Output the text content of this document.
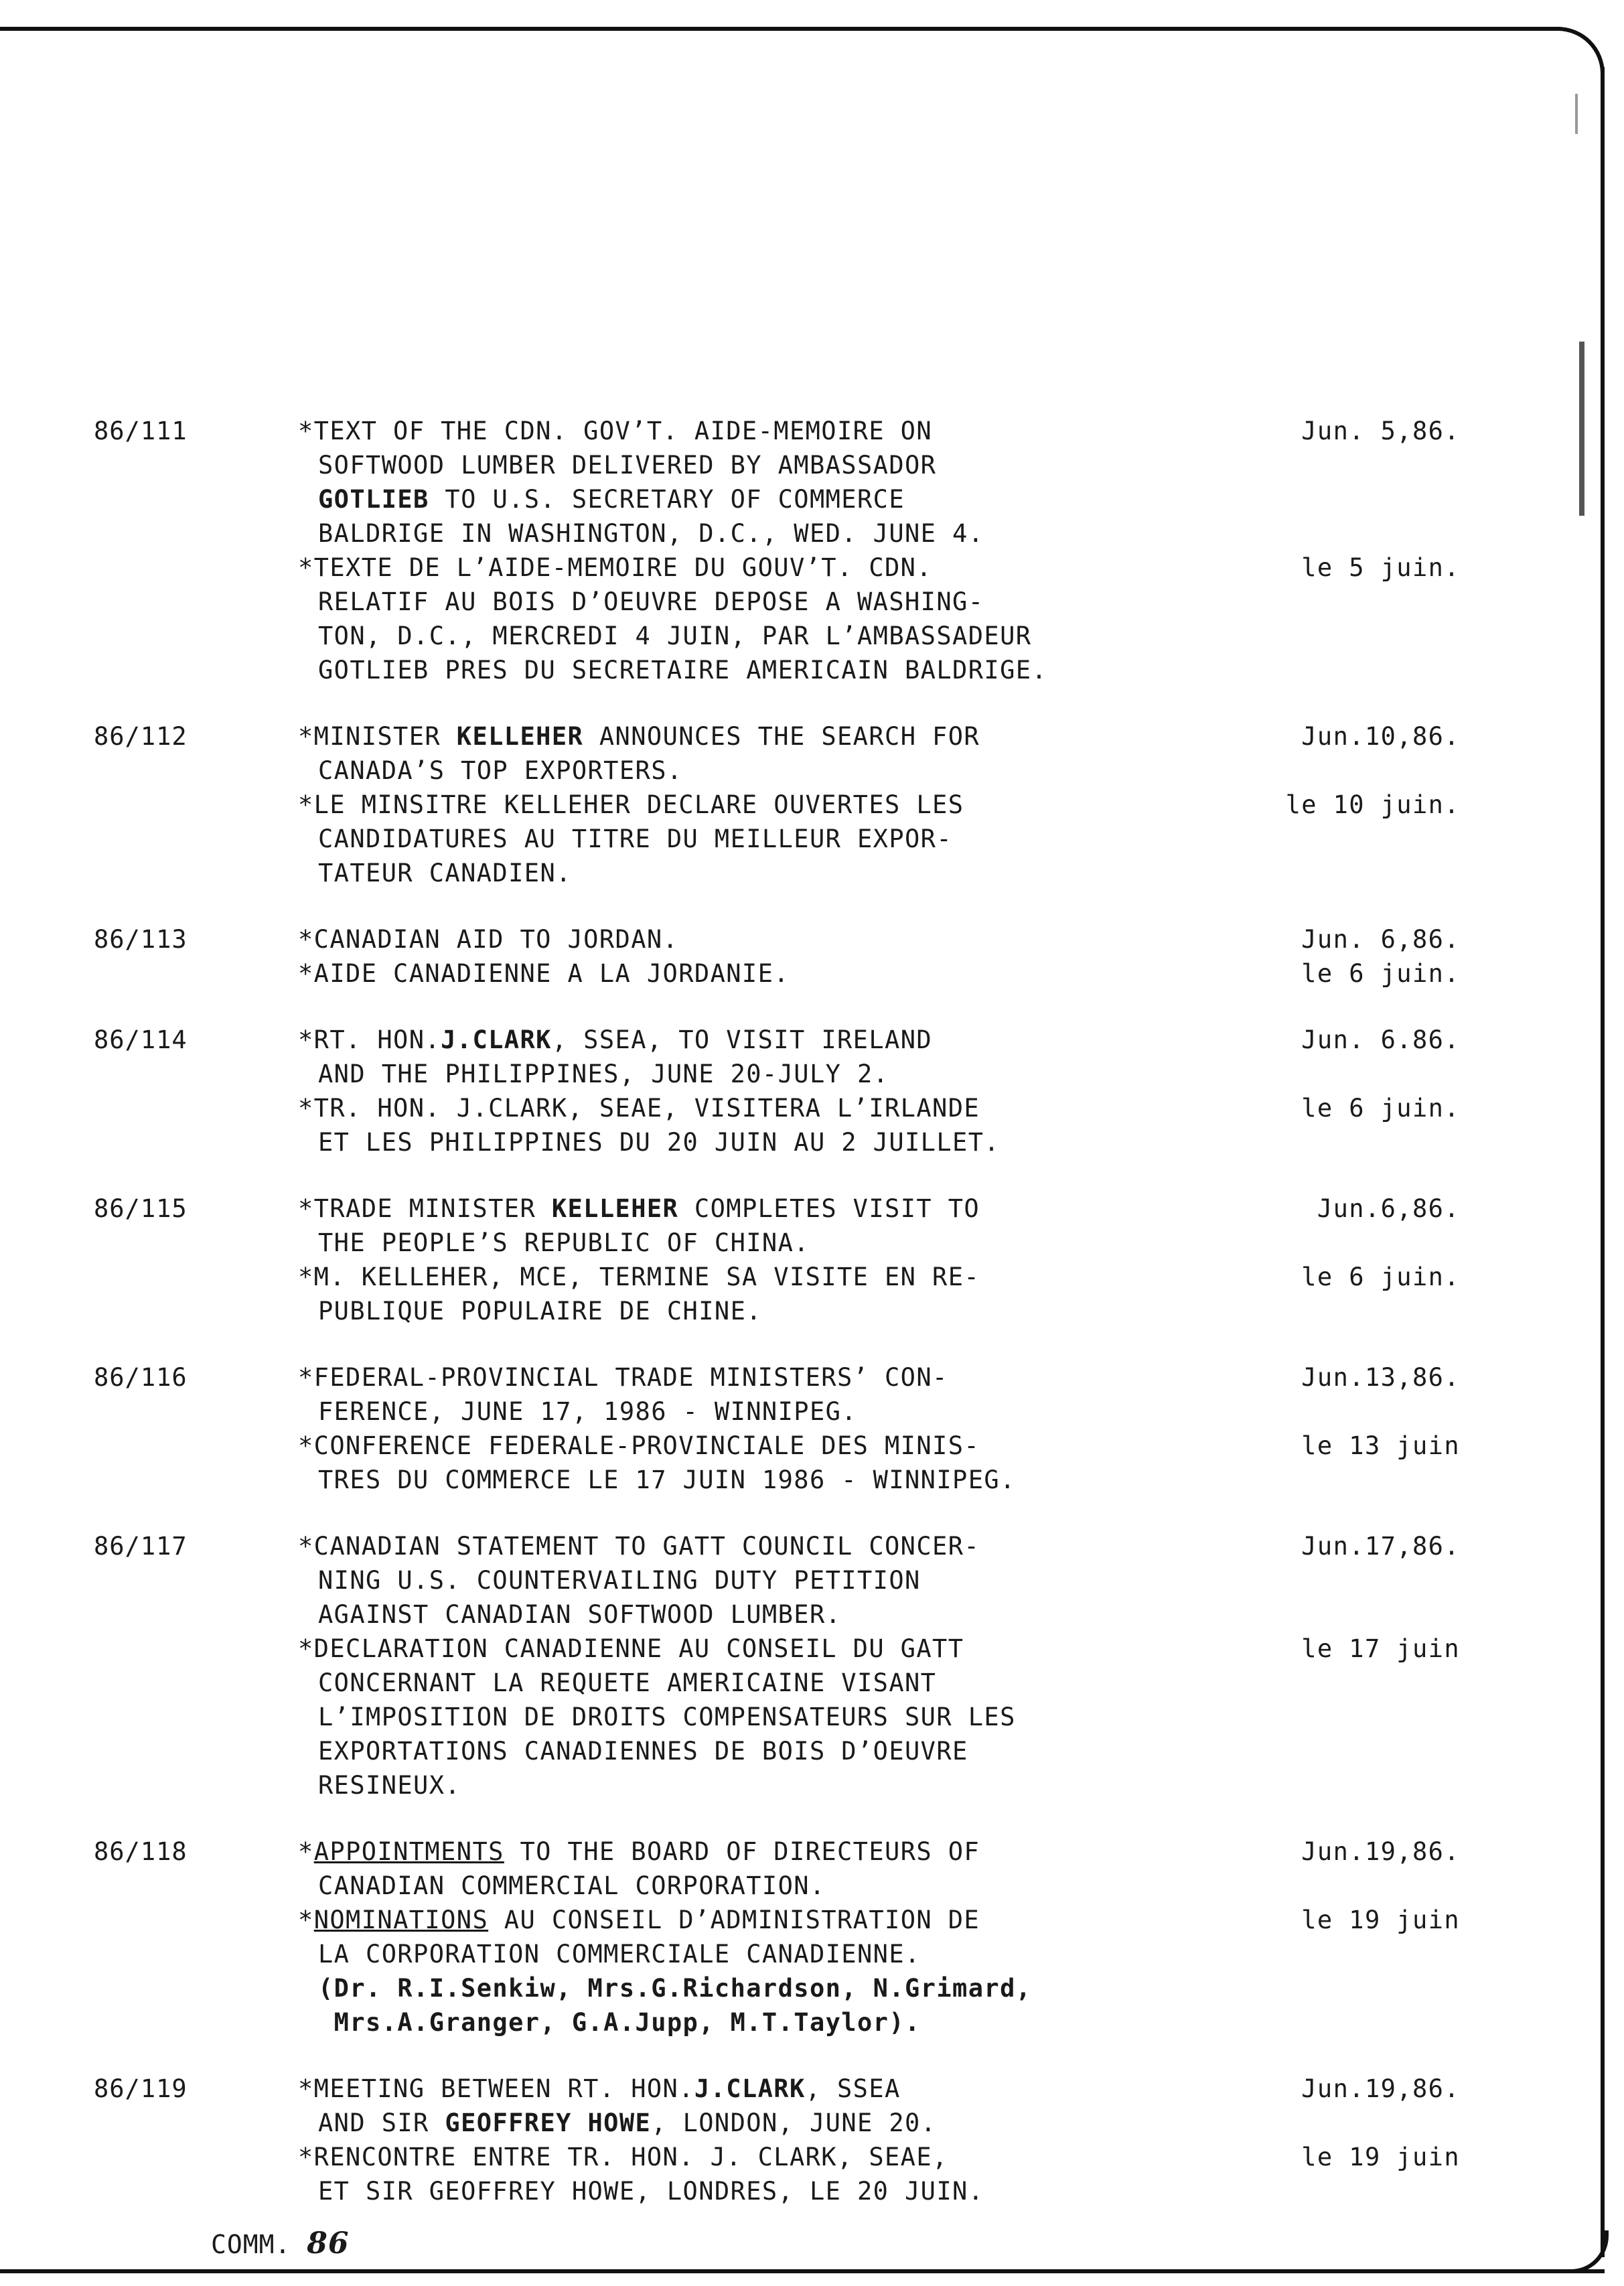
86/111	*TEXT OF THE CDN. GOV’T. AIDE-MEMOIRE ON	Jun. 5,86.
SOFTWOOD LUMBER DELIVERED BY AMBASSADOR
GOTLIEB TO U.S. SECRETARY OF COMMERCE
BALDRIGE IN WASHINGTON, D.C., WED. JUNE 4.
*TEXTE DE L’AIDE-MEMOIRE DU GOUV’T. CDN.	le 5 juin.
RELATIF AU BOIS D’OEUVRE DEPOSE A WASHING-
TON, D.C., MERCREDI 4 JUIN, PAR L’AMBASSADEUR
GOTLIEB PRES DU SECRETAIRE AMERICAIN BALDRIGE.
86/112	*MINISTER KELLEHER ANNOUNCES THE SEARCH FOR	Jun.10,86.
CANADA’S TOP EXPORTERS.
*LE MINSITRE KELLEHER DECLARE OUVERTES LES	le 10 juin.
CANDIDATURES AU TITRE DU MEILLEUR EXPOR-
TATEUR CANADIEN.
86/113	*CANADIAN AID TO JORDAN.	Jun. 6,86.
*AIDE CANADIENNE A LA JORDANIE.	le 6 juin.
86/114	*RT. HON.J.CLARK, SSEA, TO VISIT IRELAND	Jun. 6.86.
AND THE PHILIPPINES, JUNE 20-JULY 2.
*TR. HON. J.CLARK, SEAE, VISITERA L’IRLANDE	le 6 juin.
ET LES PHILIPPINES DU 20 JUIN AU 2 JUILLET.
86/115	*TRADE MINISTER KELLEHER COMPLETES VISIT TO	Jun.6,86.
THE PEOPLE’S REPUBLIC OF CHINA.
*M. KELLEHER, MCE, TERMINE SA VISITE EN RE-	le 6 juin.
PUBLIQUE POPULAIRE DE CHINE.
86/116	*FEDERAL-PROVINCIAL TRADE MINISTERS’ CON-	Jun.13,86.
FERENCE, JUNE 17, 1986 - WINNIPEG.
*CONFERENCE FEDERALE-PROVINCIALE DES MINIS-	le 13 juin
TRES DU COMMERCE LE 17 JUIN 1986 - WINNIPEG.
86/117	*CANADIAN STATEMENT TO GATT COUNCIL CONCER-	Jun.17,86.
NING U.S. COUNTERVAILING DUTY PETITION
AGAINST CANADIAN SOFTWOOD LUMBER.
*DECLARATION CANADIENNE AU CONSEIL DU GATT	le 17 juin
CONCERNANT LA REQUETE AMERICAINE VISANT
L’IMPOSITION DE DROITS COMPENSATEURS SUR LES
EXPORTATIONS CANADIENNES DE BOIS D’OEUVRE
RESINEUX.
86/118	*APPOINTMENTS TO THE BOARD OF DIRECTEURS OF	Jun.19,86.
CANADIAN COMMERCIAL CORPORATION.
*NOMINATIONS AU CONSEIL D’ADMINISTRATION DE	le 19 juin
LA CORPORATION COMMERCIALE CANADIENNE.
(Dr. R.I.Senkiw, Mrs.G.Richardson, N.Grimard,
Mrs.A.Granger, G.A.Jupp, M.T.Taylor).
86/119	*MEETING BETWEEN RT. HON.J.CLARK, SSEA	Jun.19,86.
AND SIR GEOFFREY HOWE, LONDON, JUNE 20.
*RENCONTRE ENTRE TR. HON. J. CLARK, SEAE,	le 19 juin
ET SIR GEOFFREY HOWE, LONDRES, LE 20 JUIN.
COMM. 86
